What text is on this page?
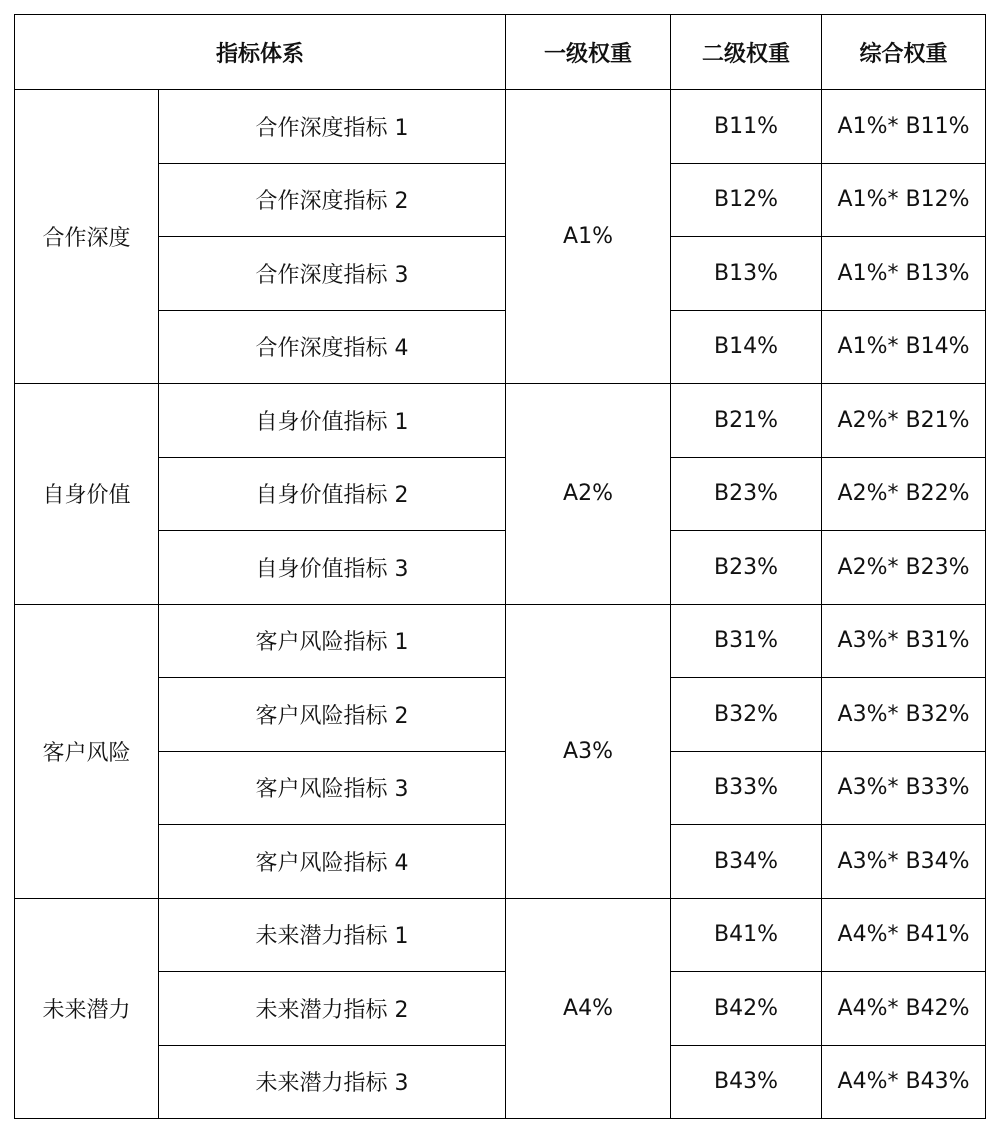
指标体系		一级权重	二级权重	综合权重
合作深度	合作深度指标 1	A1%	B11%	A1%* B11%
	合作深度指标 2		B12%	A1%* B12%
	合作深度指标 3		B13%	A1%* B13%
	合作深度指标 4		B14%	A1%* B14%
自身价值	自身价值指标 1	A2%	B21%	A2%* B21%
	自身价值指标 2		B23%	A2%* B22%
	自身价值指标 3		B23%	A2%* B23%
客户风险	客户风险指标 1	A3%	B31%	A3%* B31%
	客户风险指标 2		B32%	A3%* B32%
	客户风险指标 3		B33%	A3%* B33%
	客户风险指标 4		B34%	A3%* B34%
未来潜力	未来潜力指标 1	A4%	B41%	A4%* B41%
	未来潜力指标 2		B42%	A4%* B42%
	未来潜力指标 3		B43%	A4%* B43%
